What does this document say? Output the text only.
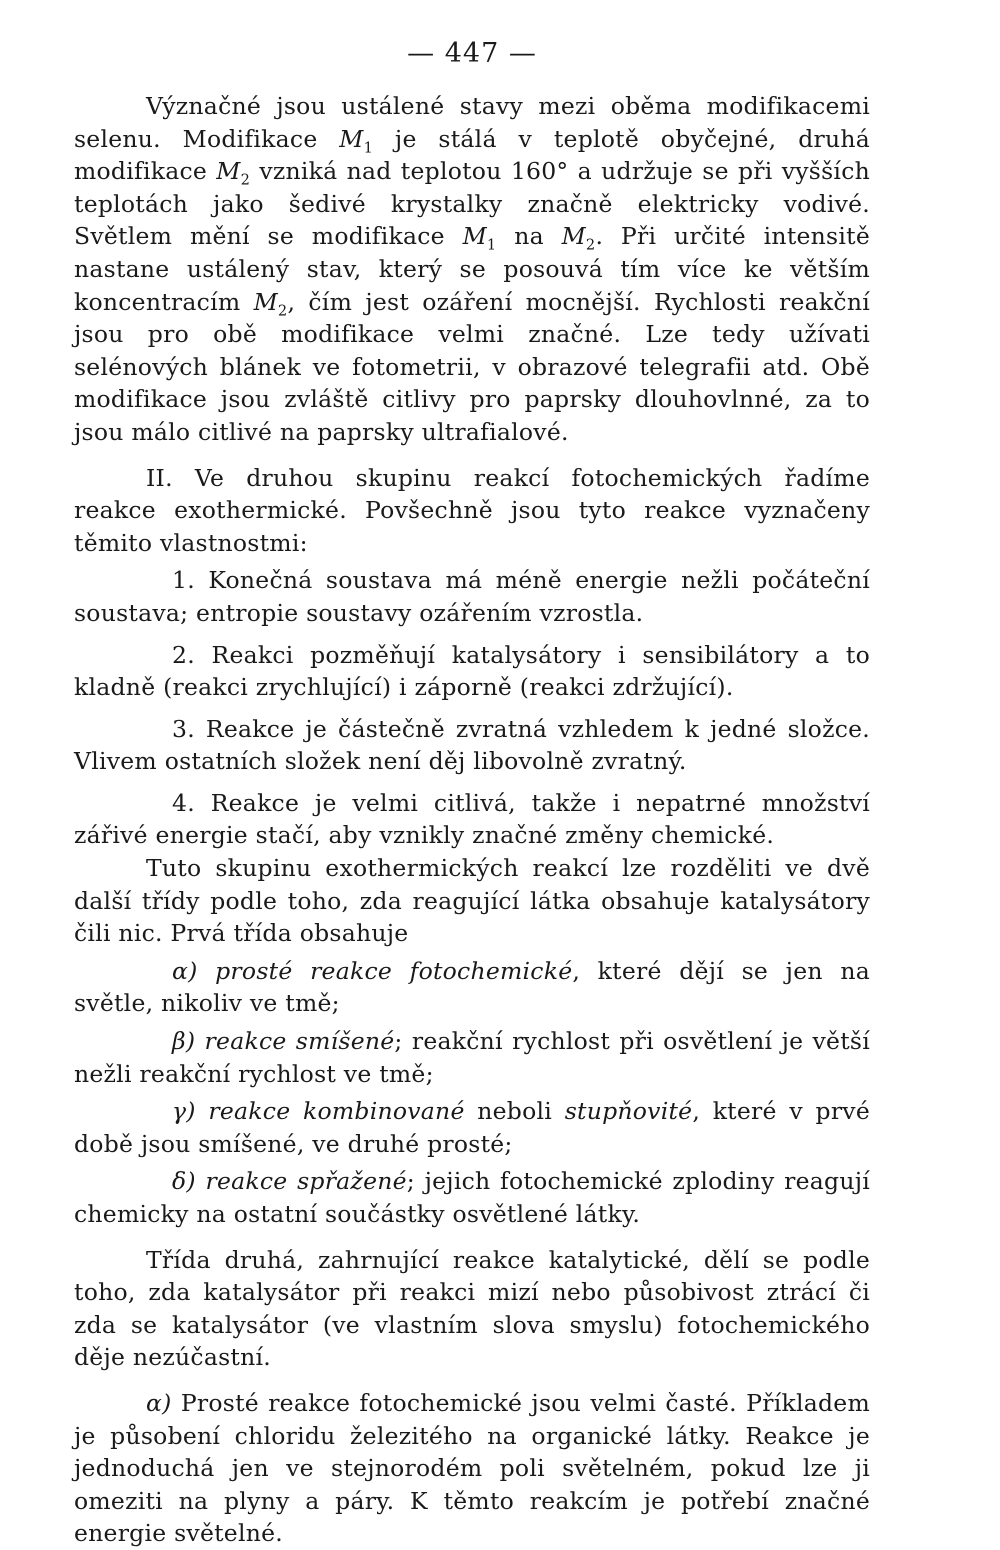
— 447 —

Význačné jsou ustálené stavy mezi oběma modifikacemi selenu. Modifikace $M_1$ je stálá v teplotě obyčejné, druhá modifikace $M_2$ vzniká nad teplotou 160° a udržuje se při vyšších teplotách jako šedivé krystalky značně elektricky vodivé. Světlem mění se modifikace $M_1$ na $M_2$. Při určité intensitě nastane ustálený stav, který se posouvá tím více ke větším koncentracím $M_2$, čím jest ozáření mocnější. Rychlosti reakční jsou pro obě modifikace velmi značné. Lze tedy užívati selénových blánek ve fotometrii, v obrazové telegrafii atd. Obě modifikace jsou zvláště citlivy pro paprsky dlouhovlnné, za to jsou málo citlivé na paprsky ultrafialové.

II. Ve druhou skupinu reakcí fotochemických řadíme reakce exothermické. Povšechně jsou tyto reakce vyznačeny těmito vlastnostmi:

1. Konečná soustava má méně energie nežli počáteční soustava; entropie soustavy ozářením vzrostla.

2. Reakci pozměňují katalysátory i sensibilátory a to kladně (reakci zrychlující) i záporně (reakci zdržující).

3. Reakce je částečně zvratná vzhledem k jedné složce. Vlivem ostatních složek není děj libovolně zvratný.

4. Reakce je velmi citlivá, takže i nepatrné množství zářivé energie stačí, aby vznikly značné změny chemické.

Tuto skupinu exothermických reakcí lze rozděliti ve dvě další třídy podle toho, zda reagující látka obsahuje katalysátory čili nic. Prvá třída obsahuje

α) prosté reakce fotochemické, které dějí se jen na světle, nikoliv ve tmě;

β) reakce smíšené; reakční rychlost při osvětlení je větší nežli reakční rychlost ve tmě;

γ) reakce kombinované neboli stupňovité, které v prvé době jsou smíšené, ve druhé prosté;

δ) reakce spřažené; jejich fotochemické zplodiny reagují chemicky na ostatní součástky osvětlené látky.

Třída druhá, zahrnující reakce katalytické, dělí se podle toho, zda katalysátor při reakci mizí nebo působivost ztrácí či zda se katalysátor (ve vlastním slova smyslu) fotochemického děje nezúčastní.

α) Prosté reakce fotochemické jsou velmi časté. Příkladem je působení chloridu železitého na organické látky. Reakce je jednoduchá jen ve stejnorodém poli světelném, pokud lze ji omeziti na plyny a páry. K těmto reakcím je potřebí značné energie světelné.
